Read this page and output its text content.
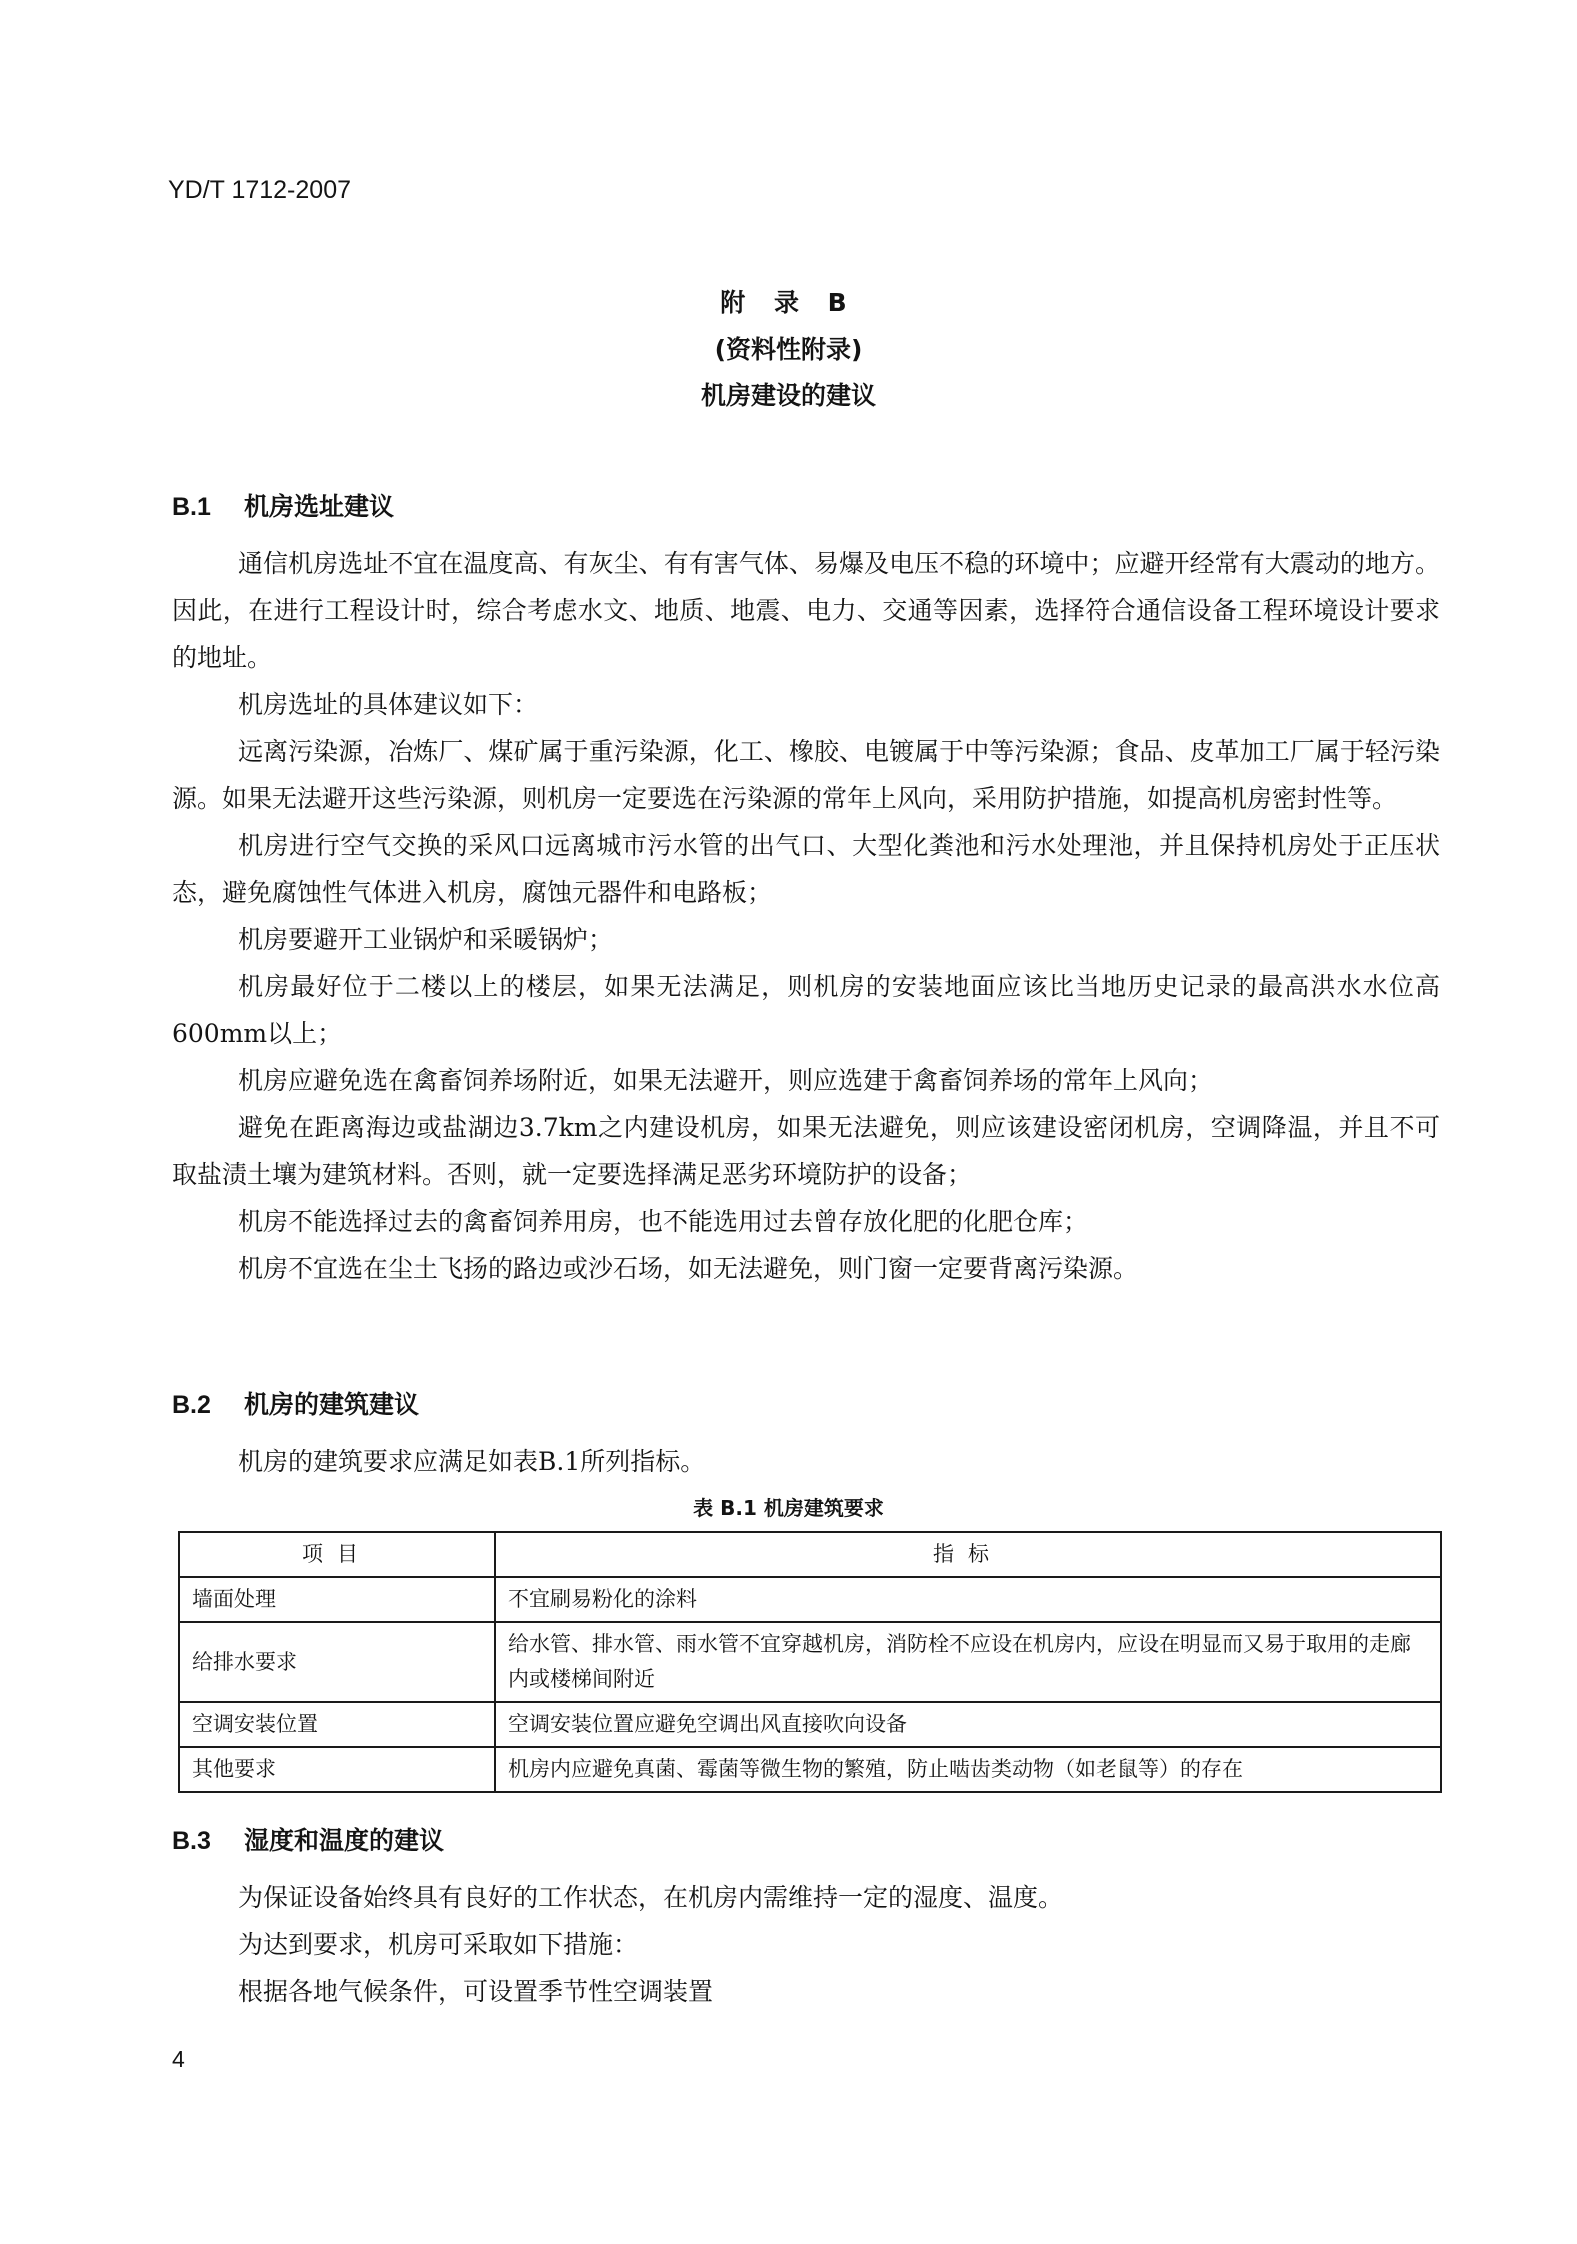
YD/T 1712-2007
附 录 B
(资料性附录)
机房建设的建议
B.1 机房选址建议

通信机房选址不宜在温度高、有灰尘、有有害气体、易爆及电压不稳的环境中；应避开经常有大震动的地方。因此，在进行工程设计时，综合考虑水文、地质、地震、电力、交通等因素，选择符合通信设备工程环境设计要求的地址。

机房选址的具体建议如下：

远离污染源，冶炼厂、煤矿属于重污染源，化工、橡胶、电镀属于中等污染源；食品、皮革加工厂属于轻污染源。如果无法避开这些污染源，则机房一定要选在污染源的常年上风向，采用防护措施，如提高机房密封性等。

机房进行空气交换的采风口远离城市污水管的出气口、大型化粪池和污水处理池，并且保持机房处于正压状态，避免腐蚀性气体进入机房，腐蚀元器件和电路板；

机房要避开工业锅炉和采暖锅炉；

机房最好位于二楼以上的楼层，如果无法满足，则机房的安装地面应该比当地历史记录的最高洪水水位高600mm以上；

机房应避免选在禽畜饲养场附近，如果无法避开，则应选建于禽畜饲养场的常年上风向；

避免在距离海边或盐湖边3.7km之内建设机房，如果无法避免，则应该建设密闭机房，空调降温，并且不可取盐渍土壤为建筑材料。否则，就一定要选择满足恶劣环境防护的设备；

机房不能选择过去的禽畜饲养用房，也不能选用过去曾存放化肥的化肥仓库；

机房不宜选在尘土飞扬的路边或沙石场，如无法避免，则门窗一定要背离污染源。

B.2 机房的建筑建议

机房的建筑要求应满足如表B.1所列指标。

表 B.1 机房建筑要求
项目	指标
墙面处理	不宜刷易粉化的涂料
给排水要求	给水管、排水管、雨水管不宜穿越机房，消防栓不应设在机房内，应设在明显而又易于取用的走廊内或楼梯间附近
空调安装位置	空调安装位置应避免空调出风直接吹向设备
其他要求	机房内应避免真菌、霉菌等微生物的繁殖，防止啮齿类动物（如老鼠等）的存在
B.3 湿度和温度的建议

为保证设备始终具有良好的工作状态，在机房内需维持一定的湿度、温度。

为达到要求，机房可采取如下措施：

根据各地气候条件，可设置季节性空调装置

4
